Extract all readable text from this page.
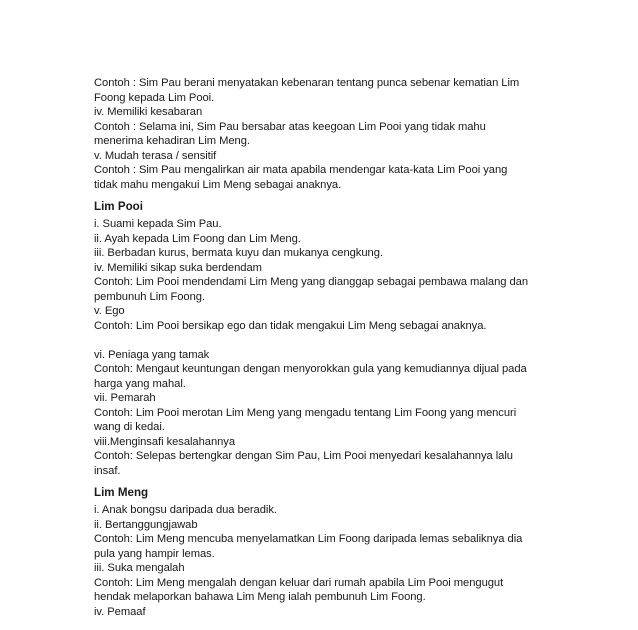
Contoh : Sim Pau berani menyatakan kebenaran tentang punca sebenar kematian Lim
Foong kepada Lim Pooi.
iv. Memiliki kesabaran
Contoh : Selama ini, Sim Pau bersabar atas keegoan Lim Pooi yang tidak mahu
menerima kehadiran Lim Meng.
v. Mudah terasa / sensitif
Contoh : Sim Pau mengalirkan air mata apabila mendengar kata-kata Lim Pooi yang
tidak mahu mengakui Lim Meng sebagai anaknya.
Lim Pooi
i. Suami kepada Sim Pau.
ii. Ayah kepada Lim Foong dan Lim Meng.
iii. Berbadan kurus, bermata kuyu dan mukanya cengkung.
iv. Memiliki sikap suka berdendam
Contoh: Lim Pooi mendendami Lim Meng yang dianggap sebagai pembawa malang dan
pembunuh Lim Foong.
v. Ego
Contoh: Lim Pooi bersikap ego dan tidak mengakui Lim Meng sebagai anaknya.
vi. Peniaga yang tamak
Contoh: Mengaut keuntungan dengan menyorokkan gula yang kemudiannya dijual pada
harga yang mahal.
vii. Pemarah
Contoh: Lim Pooi merotan Lim Meng yang mengadu tentang Lim Foong yang mencuri
wang di kedai.
viii.Menginsafi kesalahannya
Contoh: Selepas bertengkar dengan Sim Pau, Lim Pooi menyedari kesalahannya lalu
insaf.
Lim Meng
i. Anak bongsu daripada dua beradik.
ii. Bertanggungjawab
Contoh: Lim Meng mencuba menyelamatkan Lim Foong daripada lemas sebaliknya dia
pula yang hampir lemas.
iii. Suka mengalah
Contoh: Lim Meng mengalah dengan keluar dari rumah apabila Lim Pooi mengugut
hendak melaporkan bahawa Lim Meng ialah pembunuh Lim Foong.
iv. Pemaaf
